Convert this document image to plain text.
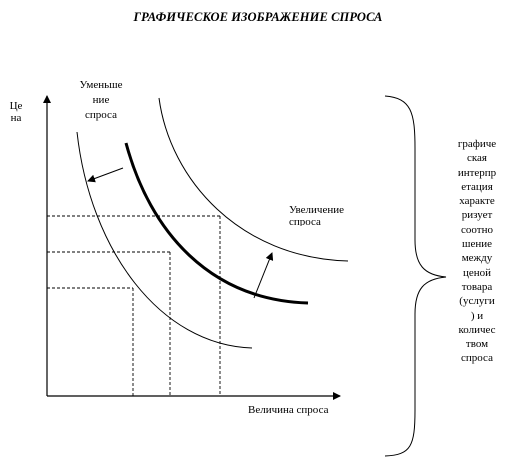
ГРАФИЧЕСКОЕ ИЗОБРАЖЕНИЕ СПРОСА
Це
на
Величина спроса
Уменьше
ние
спроса
Увеличение
спроса
графиче
ская
интерпр
етация
характе
ризует
соотно
шение
между
ценой
товара
(услуги
) и
количес
твом
спроса
